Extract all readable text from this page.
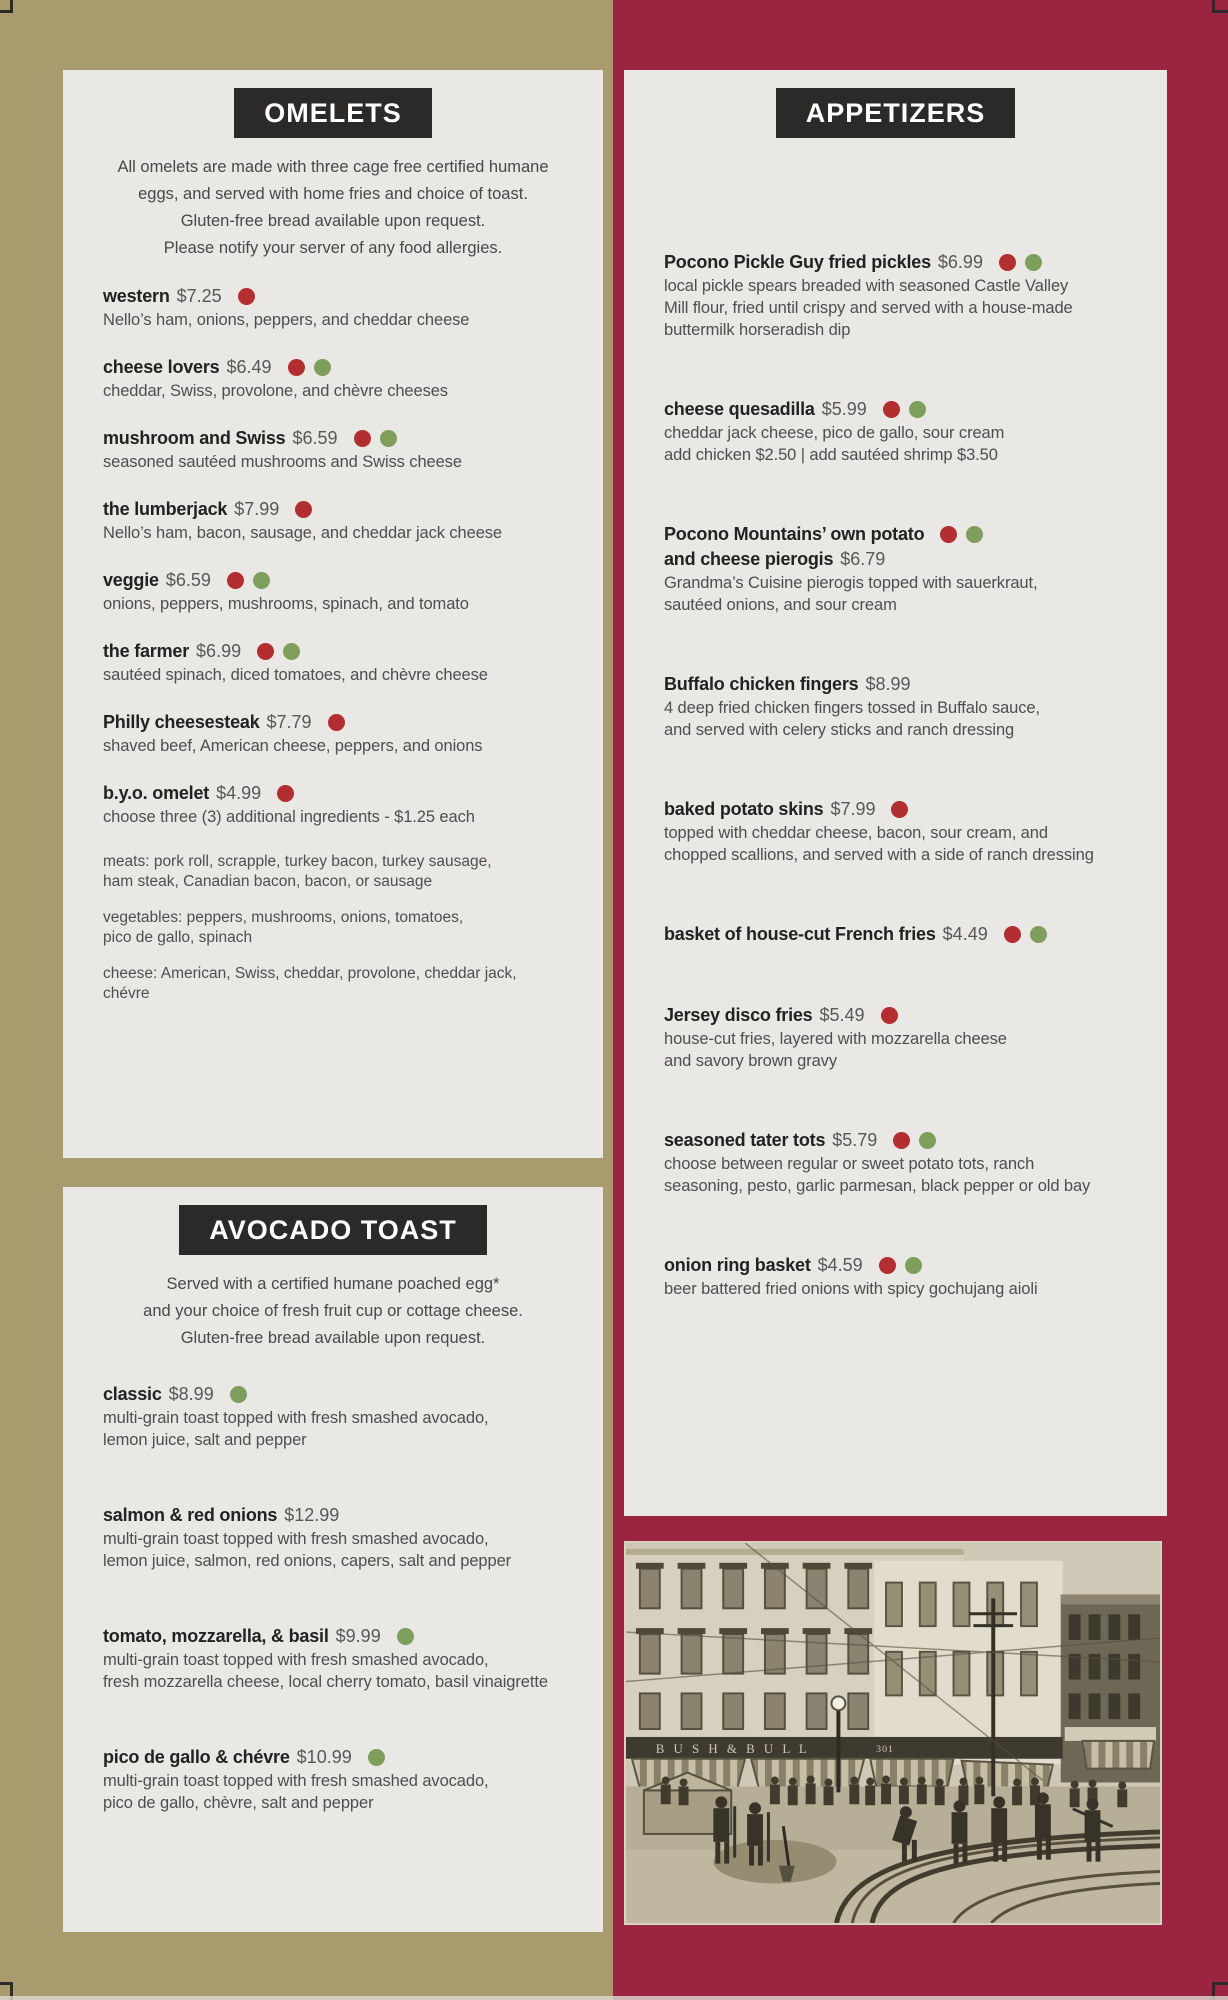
OMELETS
All omelets are made with three cage free certified humane
eggs, and served with home fries and choice of toast.
Gluten-free bread available upon request.
Please notify your server of any food allergies.
western $7.25
Nello’s ham, onions, peppers, and cheddar cheese
cheese lovers $6.49
cheddar, Swiss, provolone, and chèvre cheeses
mushroom and Swiss $6.59
seasoned sautéed mushrooms and Swiss cheese
the lumberjack $7.99
Nello’s ham, bacon, sausage, and cheddar jack cheese
veggie $6.59
onions, peppers, mushrooms, spinach, and tomato
the farmer $6.99
sautéed spinach, diced tomatoes, and chèvre cheese
Philly cheesesteak $7.79
shaved beef, American cheese, peppers, and onions
b.y.o. omelet $4.99
choose three (3) additional ingredients - $1.25 each
meats: pork roll, scrapple, turkey bacon, turkey sausage,
ham steak, Canadian bacon, bacon, or sausage
vegetables: peppers, mushrooms, onions, tomatoes,
pico de gallo, spinach
cheese: American, Swiss, cheddar, provolone, cheddar jack, chévre
AVOCADO TOAST
Served with a certified humane poached egg*
and your choice of fresh fruit cup or cottage cheese.
Gluten-free bread available upon request.
classic $8.99
multi-grain toast topped with fresh smashed avocado,
lemon juice, salt and pepper
salmon & red onions $12.99
multi-grain toast topped with fresh smashed avocado,
lemon juice, salmon, red onions, capers, salt and pepper
tomato, mozzarella, & basil $9.99
multi-grain toast topped with fresh smashed avocado,
fresh mozzarella cheese, local cherry tomato, basil vinaigrette
pico de gallo & chévre $10.99
multi-grain toast topped with fresh smashed avocado,
pico de gallo, chèvre, salt and pepper
APPETIZERS
Pocono Pickle Guy fried pickles $6.99
local pickle spears breaded with seasoned Castle Valley
Mill flour, fried until crispy and served with a house-made
buttermilk horseradish dip
cheese quesadilla $5.99
cheddar jack cheese, pico de gallo, sour cream
add chicken $2.50 | add sautéed shrimp $3.50
Pocono Mountains’ own potato
and cheese pierogis $6.79
Grandma’s Cuisine pierogis topped with sauerkraut,
sautéed onions, and sour cream
Buffalo chicken fingers $8.99
4 deep fried chicken fingers tossed in Buffalo sauce,
and served with celery sticks and ranch dressing
baked potato skins $7.99
topped with cheddar cheese, bacon, sour cream, and
chopped scallions, and served with a side of ranch dressing
basket of house-cut French fries $4.49
Jersey disco fries $5.49
house-cut fries, layered with mozzarella cheese
and savory brown gravy
seasoned tater tots $5.79
choose between regular or sweet potato tots, ranch
seasoning, pesto, garlic parmesan, black pepper or old bay
onion ring basket $4.59
beer battered fried onions with spicy gochujang aioli
B U S H & B U L L	301
